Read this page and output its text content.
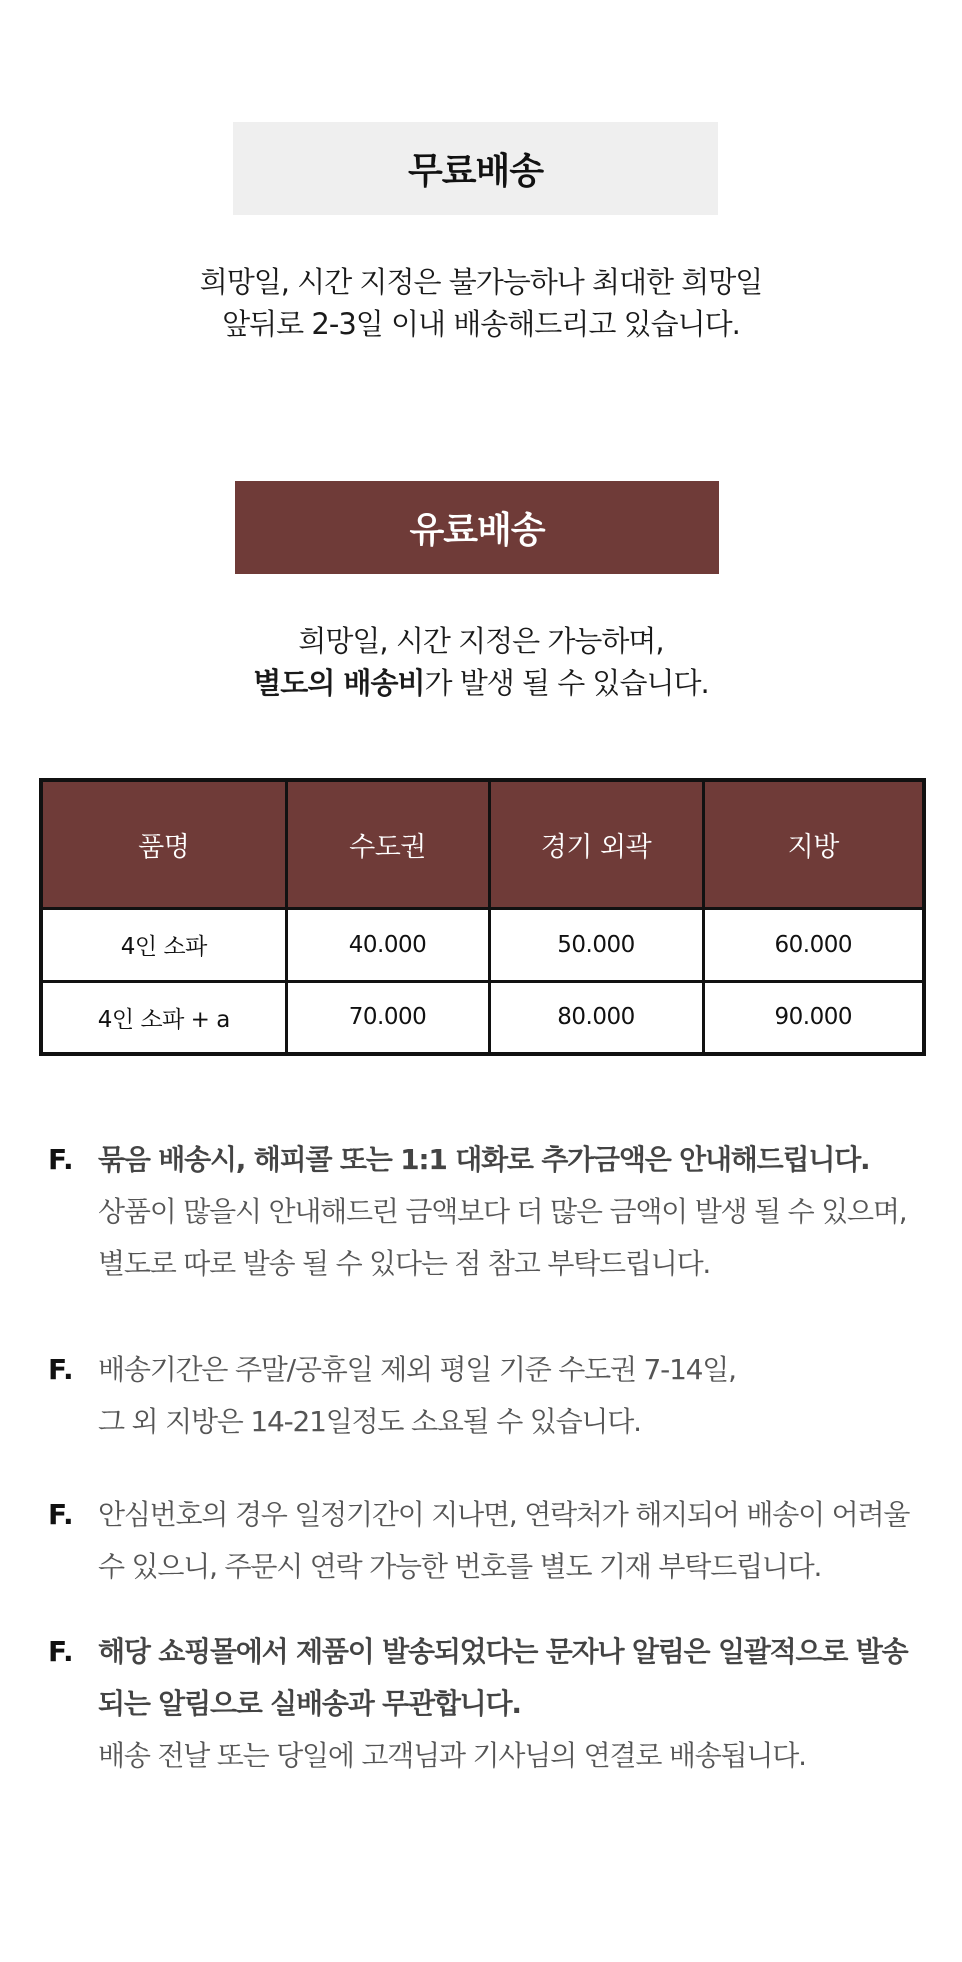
무료배송
희망일, 시간 지정은 불가능하나 최대한 희망일
앞뒤로 2-3일 이내 배송해드리고 있습니다.
유료배송
희망일, 시간 지정은 가능하며,
별도의 배송비가 발생 될 수 있습니다.
품명	수도권	경기 외곽	지방
4인 소파	40.000	50.000	60.000
4인 소파 + a	70.000	80.000	90.000
F. 묶음 배송시, 해피콜 또는 1:1 대화로 추가금액은 안내해드립니다.
상품이 많을시 안내해드린 금액보다 더 많은 금액이 발생 될 수 있으며,
별도로 따로 발송 될 수 있다는 점 참고 부탁드립니다.
F. 배송기간은 주말/공휴일 제외 평일 기준 수도권 7-14일,
그 외 지방은 14-21일정도 소요될 수 있습니다.
F. 안심번호의 경우 일정기간이 지나면, 연락처가 해지되어 배송이 어려울
수 있으니, 주문시 연락 가능한 번호를 별도 기재 부탁드립니다.
F. 해당 쇼핑몰에서 제품이 발송되었다는 문자나 알림은 일괄적으로 발송
되는 알림으로 실배송과 무관합니다.
배송 전날 또는 당일에 고객님과 기사님의 연결로 배송됩니다.
